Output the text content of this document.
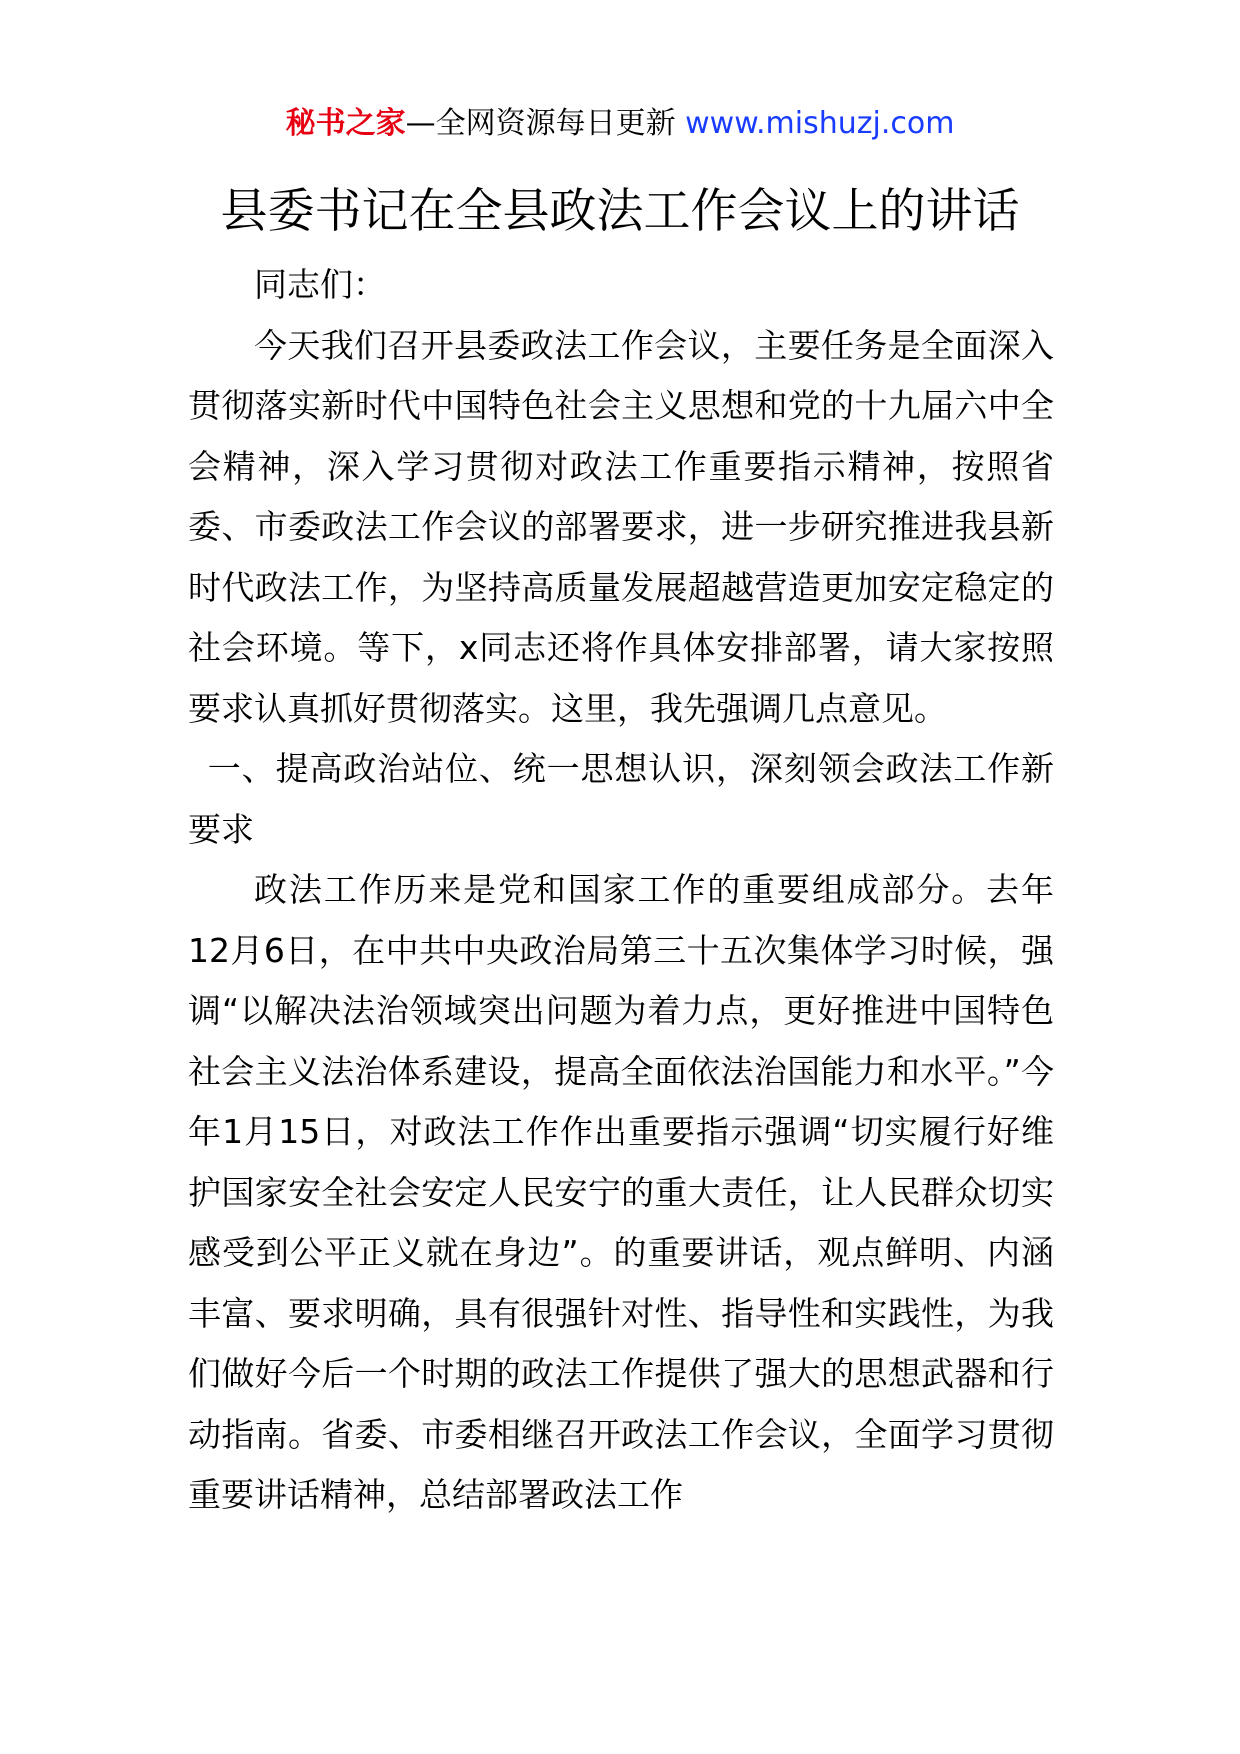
秘书之家—全网资源每日更新 www.mishuzj.com
县委书记在全县政法工作会议上的讲话

同志们：

今天我们召开县委政法工作会议，主要任务是全面深入贯彻落实新时代中国特色社会主义思想和党的十九届六中全会精神，深入学习贯彻对政法工作重要指示精神，按照省委、市委政法工作会议的部署要求，进一步研究推进我县新时代政法工作，为坚持高质量发展超越营造更加安定稳定的社会环境。等下，x同志还将作具体安排部署，请大家按照要求认真抓好贯彻落实。这里，我先强调几点意见。

一、提高政治站位、统一思想认识，深刻领会政法工作新要求

政法工作历来是党和国家工作的重要组成部分。去年12月6日，在中共中央政治局第三十五次集体学习时候，强调“以解决法治领域突出问题为着力点，更好推进中国特色社会主义法治体系建设，提高全面依法治国能力和水平。”今年1月15日，对政法工作作出重要指示强调“切实履行好维护国家安全社会安定人民安宁的重大责任，让人民群众切实感受到公平正义就在身边”。的重要讲话，观点鲜明、内涵丰富、要求明确，具有很强针对性、指导性和实践性，为我们做好今后一个时期的政法工作提供了强大的思想武器和行动指南。省委、市委相继召开政法工作会议，全面学习贯彻重要讲话精神，总结部署政法工作
